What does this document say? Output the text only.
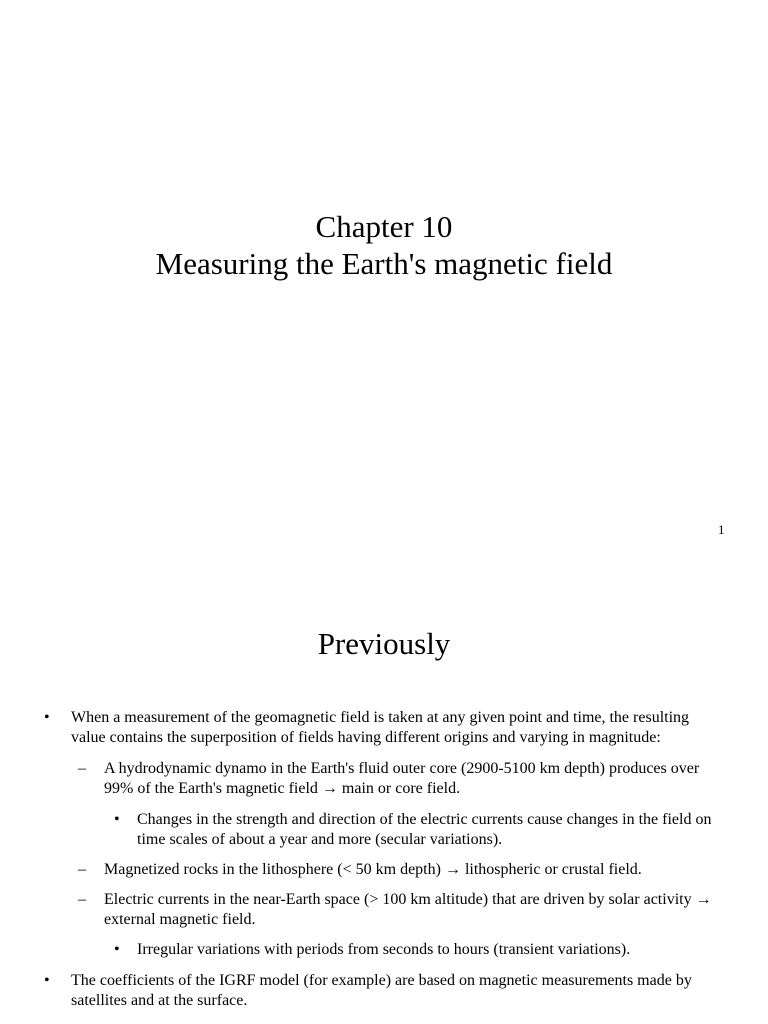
Chapter 10
Measuring the Earth's magnetic field
1
Previously
• When a measurement of the geomagnetic field is taken at any given point and time, the resulting value contains the superposition of fields having different origins and varying in magnitude:
– A hydrodynamic dynamo in the Earth's fluid outer core (2900-5100 km depth) produces over 99% of the Earth's magnetic field → main or core field.
• Changes in the strength and direction of the electric currents cause changes in the field on time scales of about a year and more (secular variations).
– Magnetized rocks in the lithosphere (< 50 km depth) → lithospheric or crustal field.
– Electric currents in the near-Earth space (> 100 km altitude) that are driven by solar activity → external magnetic field.
• Irregular variations with periods from seconds to hours (transient variations).
• The coefficients of the IGRF model (for example) are based on magnetic measurements made by satellites and at the surface.
